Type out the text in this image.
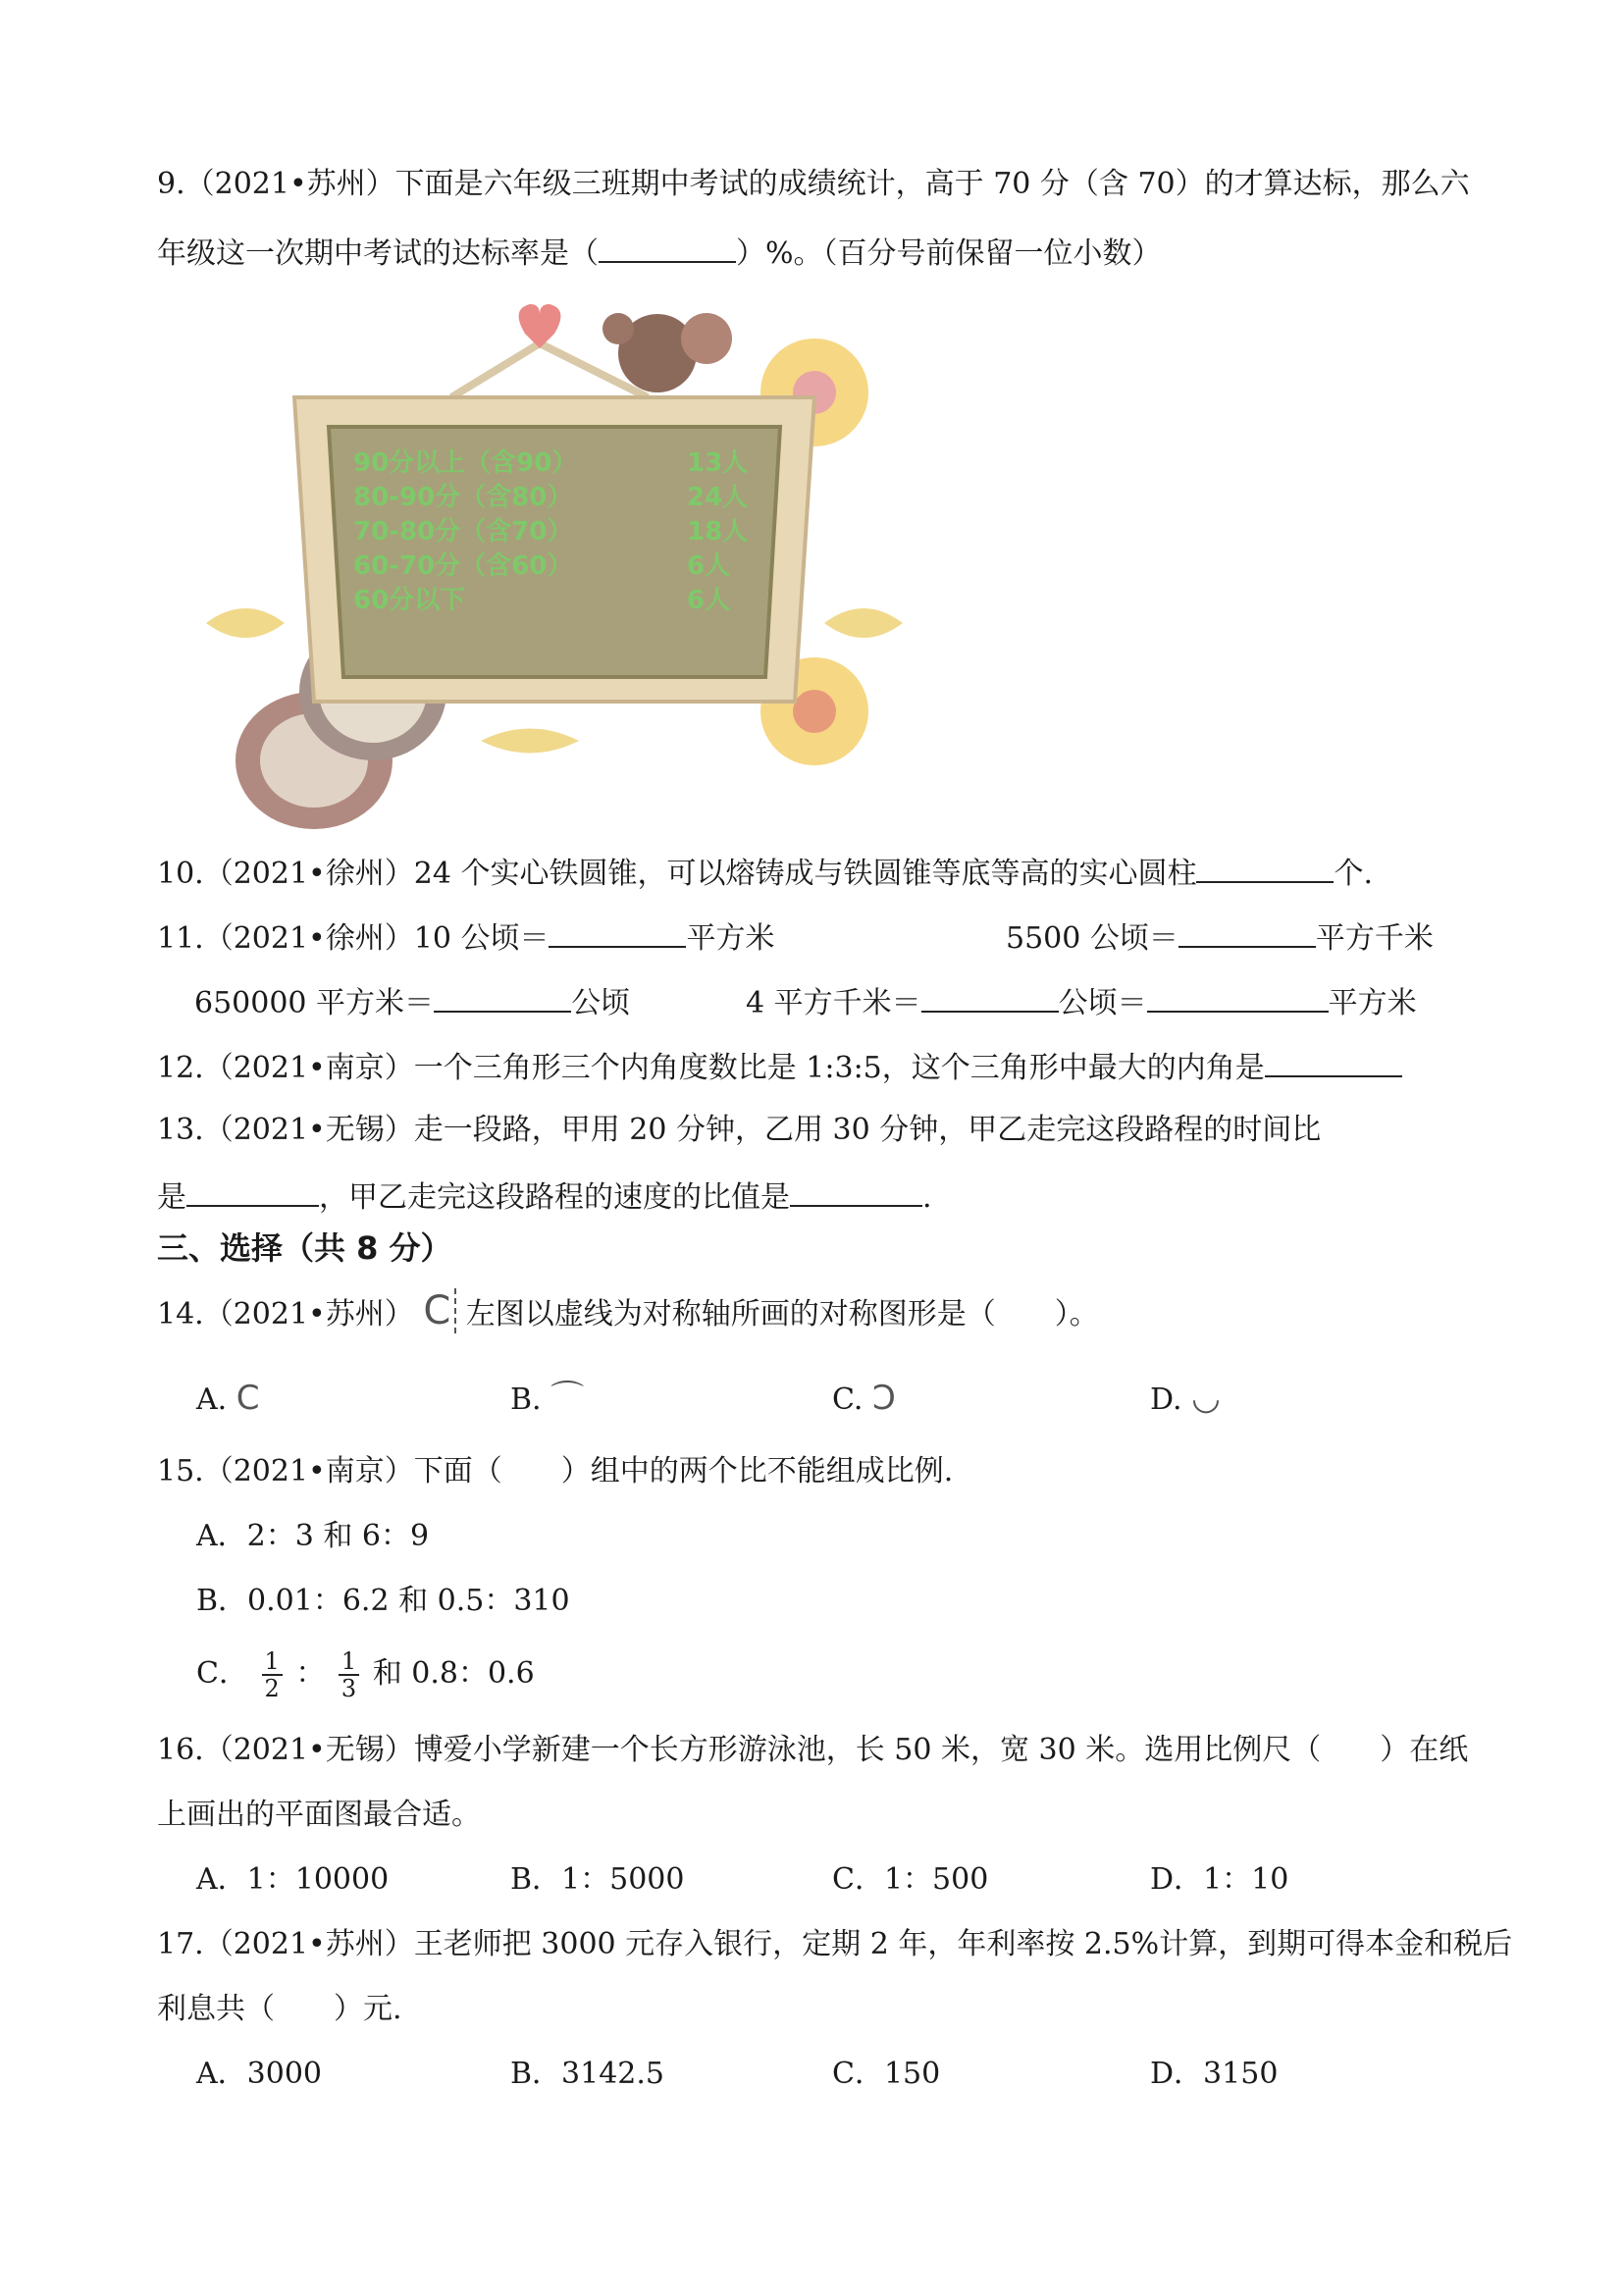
9.（2021•苏州）下面是六年级三班期中考试的成绩统计，高于 70 分（含 70）的才算达标，那么六
年级这一次期中考试的达标率是（	）%。（百分号前保留一位小数）
90分以上（含90）	13人
80-90分（含80）	24人
70-80分（含70）	18人
60-70分（含60）	6人
60分以下	6人
10.（2021•徐州）24 个实心铁圆锥，可以熔铸成与铁圆锥等底等高的实心圆柱	个.
11.（2021•徐州）10 公顷＝	平方米	5500 公顷＝	平方千米
650000 平方米＝	公顷	4 平方千米＝	公顷＝	平方米
12.（2021•南京）一个三角形三个内角度数比是 1:3:5，这个三角形中最大的内角是
13.（2021•无锡）走一段路，甲用 20 分钟，乙用 30 分钟，甲乙走完这段路程的时间比
是	，甲乙走完这段路程的速度的比值是	.
三、选择（共 8 分）
14.（2021•苏州） C 左图以虚线为对称轴所画的对称图形是（　　）。
A. C	B. ⌒	C. Ɔ	D. ◡
15.（2021•南京）下面（　　）组中的两个比不能组成比例.
A．2：3 和 6：9
B．0.01：6.2 和 0.5：310
C． $\frac{1}{2}$ ： $\frac{1}{3}$ 和 0.8：0.6
16.（2021•无锡）博爱小学新建一个长方形游泳池，长 50 米，宽 30 米。选用比例尺（　　）在纸
上画出的平面图最合适。
A．1：10000	B．1：5000	C．1：500	D．1：10
17.（2021•苏州）王老师把 3000 元存入银行，定期 2 年，年利率按 2.5%计算，到期可得本金和税后
利息共（　　）元.
A．3000	B．3142.5	C．150	D．3150
